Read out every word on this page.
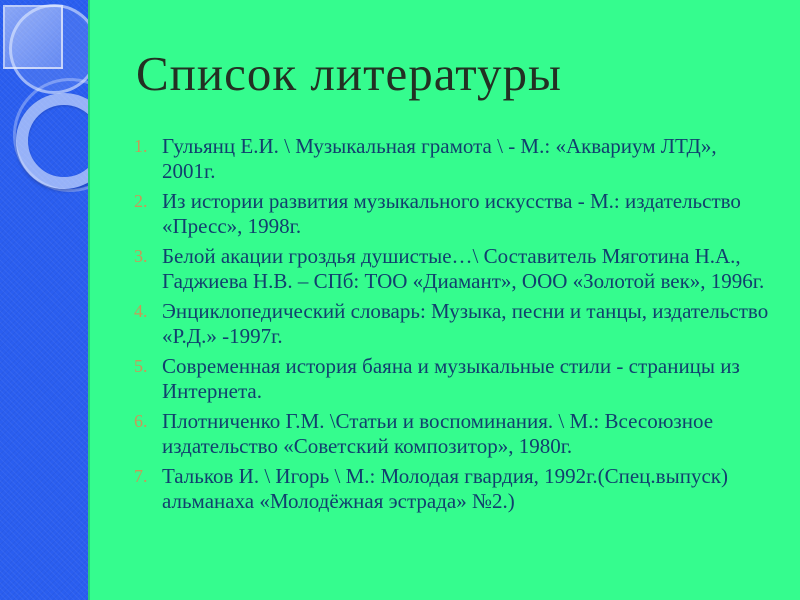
Список литературы
1. Гульянц Е.И. \ Музыкальная грамота \ - М.: «Аквариум ЛТД», 2001г.
2. Из истории развития музыкального искусства - М.: издательство «Пресс», 1998г.
3. Белой акации гроздья душистые…\ Составитель Мяготина Н.А., Гаджиева Н.В. – СПб: ТОО «Диамант», ООО «Золотой век», 1996г.
4. Энциклопедический словарь: Музыка, песни и танцы, издательство «Р.Д.» -1997г.
5. Современная история баяна и музыкальные стили - страницы из Интернета.
6. Плотниченко Г.М. \Статьи и воспоминания. \ М.: Всесоюзное издательство «Советский композитор», 1980г.
7. Тальков И. \ Игорь \ М.: Молодая гвардия, 1992г.(Спец.выпуск) альманаха «Молодёжная эстрада» №2.)
